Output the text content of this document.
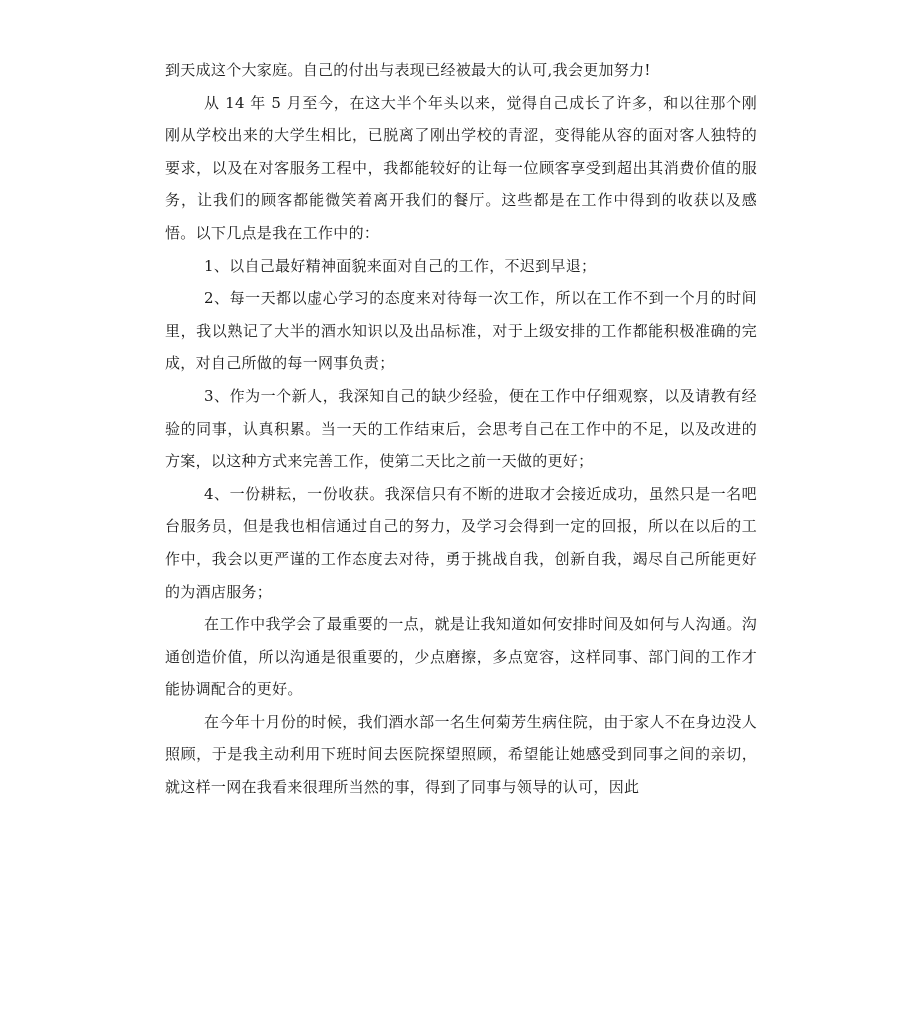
到天成这个大家庭。自己的付出与表现已经被最大的认可,我会更加努力!

从 14 年 5 月至今，在这大半个年头以来，觉得自己成长了许多，和以往那个刚刚从学校出来的大学生相比，已脱离了刚出学校的青涩，变得能从容的面对客人独特的要求，以及在对客服务工程中，我都能较好的让每一位顾客享受到超出其消费价值的服务，让我们的顾客都能微笑着离开我们的餐厅。这些都是在工作中得到的收获以及感悟。以下几点是我在工作中的：

1、以自己最好精神面貌来面对自己的工作，不迟到早退；

2、每一天都以虚心学习的态度来对待每一次工作，所以在工作不到一个月的时间里，我以熟记了大半的酒水知识以及出品标准，对于上级安排的工作都能积极准确的完成，对自己所做的每一网事负责；

3、作为一个新人，我深知自己的缺少经验，便在工作中仔细观察，以及请教有经验的同事，认真积累。当一天的工作结束后，会思考自己在工作中的不足，以及改进的方案，以这种方式来完善工作，使第二天比之前一天做的更好；

4、一份耕耘，一份收获。我深信只有不断的进取才会接近成功，虽然只是一名吧台服务员，但是我也相信通过自己的努力，及学习会得到一定的回报，所以在以后的工作中，我会以更严谨的工作态度去对待，勇于挑战自我，创新自我，竭尽自己所能更好的为酒店服务；

在工作中我学会了最重要的一点，就是让我知道如何安排时间及如何与人沟通。沟通创造价值，所以沟通是很重要的，少点磨擦，多点宽容，这样同事、部门间的工作才能协调配合的更好。

在今年十月份的时候，我们酒水部一名生何菊芳生病住院，由于家人不在身边没人照顾，于是我主动利用下班时间去医院探望照顾，希望能让她感受到同事之间的亲切，就这样一网在我看来很理所当然的事，得到了同事与领导的认可，因此
